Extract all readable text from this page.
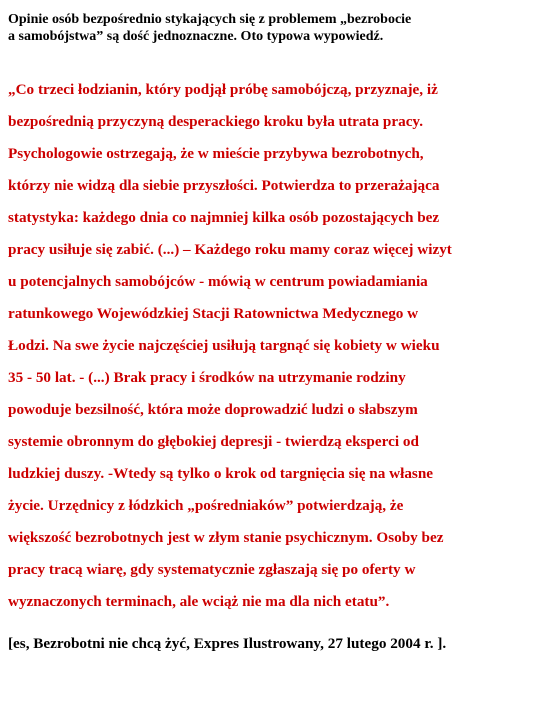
Opinie osób bezpośrednio stykających się z problemem „bezrobocie
a samobójstwa” są dość jednoznaczne. Oto typowa wypowiedź.

„Co trzeci łodzianin, który podjął próbę samobójczą, przyznaje, iż
bezpośrednią przyczyną desperackiego kroku była utrata pracy.
Psychologowie ostrzegają, że w mieście przybywa bezrobotnych,
którzy nie widzą dla siebie przyszłości. Potwierdza to przerażająca
statystyka: każdego dnia co najmniej kilka osób pozostających bez
pracy usiłuje się zabić. (...) – Każdego roku mamy coraz więcej wizyt
u potencjalnych samobójców - mówią w centrum powiadamiania
ratunkowego Wojewódzkiej Stacji Ratownictwa Medycznego w
Łodzi. Na swe życie najczęściej usiłują targnąć się kobiety w wieku
35 - 50 lat. - (...) Brak pracy i środków na utrzymanie rodziny
powoduje bezsilność, która może doprowadzić ludzi o słabszym
systemie obronnym do głębokiej depresji - twierdzą eksperci od
ludzkiej duszy. -Wtedy są tylko o krok od targnięcia się na własne
życie. Urzędnicy z łódzkich „pośredniaków” potwierdzają, że
większość bezrobotnych jest w złym stanie psychicznym. Osoby bez
pracy tracą wiarę, gdy systematycznie zgłaszają się po oferty w
wyznaczonych terminach, ale wciąż nie ma dla nich etatu”.

[es, Bezrobotni nie chcą żyć, Expres Ilustrowany, 27 lutego 2004 r. ].
